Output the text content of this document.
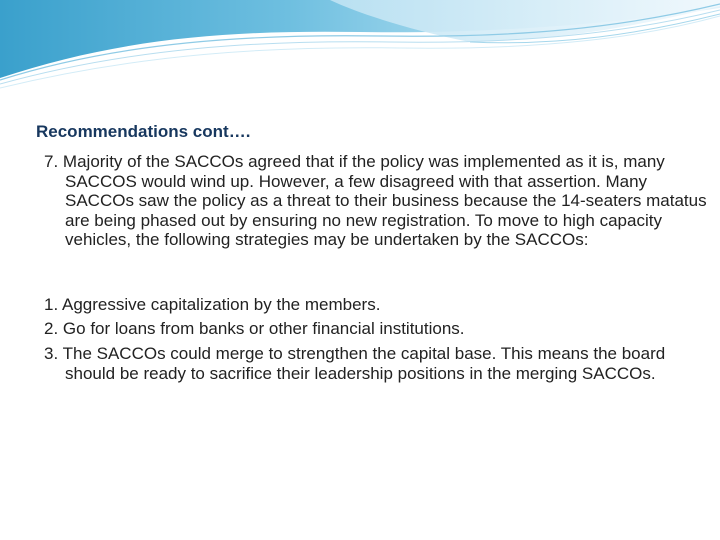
Recommendations cont….

7. Majority of the SACCOs agreed that if the policy was implemented as it is, many SACCOS would wind up. However, a few disagreed with that assertion. Many SACCOs saw the policy as a threat to their business because the 14-seaters matatus are being phased out by ensuring no new registration. To move to high capacity vehicles, the following strategies may be undertaken by the SACCOs:

1. Aggressive capitalization by the members.

2. Go for loans from banks or other financial institutions.

3. The SACCOs could merge to strengthen the capital base. This means the board should be ready to sacrifice their leadership positions in the merging SACCOs.
